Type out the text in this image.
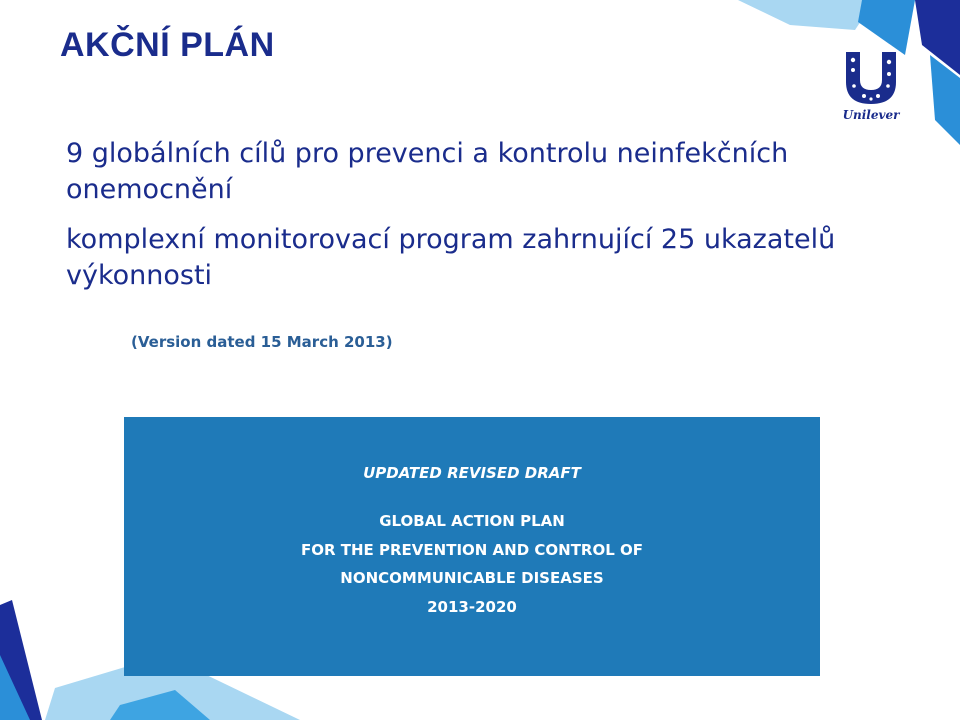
AKČNÍ PLÁN
Unilever
9 globálních cílů pro prevenci a kontrolu neinfekčních onemocnění
komplexní monitorovací program zahrnující 25 ukazatelů výkonnosti
(Version dated 15 March 2013)
UPDATED REVISED DRAFT
GLOBAL ACTION PLAN
FOR THE PREVENTION AND CONTROL OF
NONCOMMUNICABLE DISEASES
2013-2020
